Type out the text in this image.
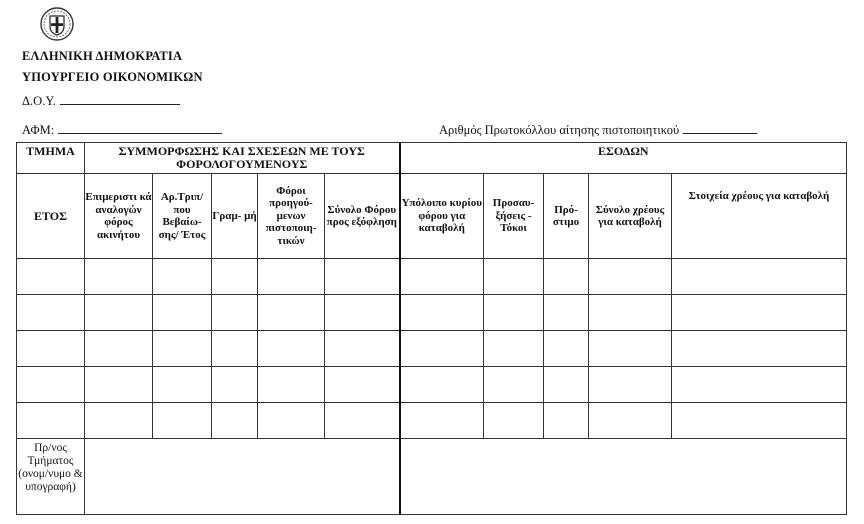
ΕΛΛΗΝΙΚΗ ΔΗΜΟΚΡΑΤΙΑ
ΥΠΟΥΡΓΕΙΟ ΟΙΚΟΝΟΜΙΚΩΝ
Δ.Ο.Υ.
ΑΦΜ:	Αριθμός Πρωτοκόλλου αίτησης πιστοποιητικού
ΤΜΗΜΑ	ΣΥΜΜΟΡΦΩΣΗΣ ΚΑΙ ΣΧΕΣΕΩΝ ΜΕ ΤΟΥΣ ΦΟΡΟΛΟΓΟΥΜΕΝΟΥΣ					ΕΣΟΔΩΝ				
ΕΤΟΣ	Επιμεριστι κά αναλογών φόρος ακινήτου	Αρ.Τριπ/ που Βεβαίω- σης/ Έτος	Γραμ- μή	Φόροι προηγού- μενων πιστοποιη- τικών	Σύνολο Φόρου προς εξόφληση	Υπόλοιπο κυρίου φόρου για καταβολή	Προσαυ- ξήσεις - Τόκοι	Πρό- στιμο	Σύνολο χρέους για καταβολή	Στοιχεία χρέους για καταβολή

Πρ/νος Τμήματος (ονομ/νυμο & υπογραφή)										
